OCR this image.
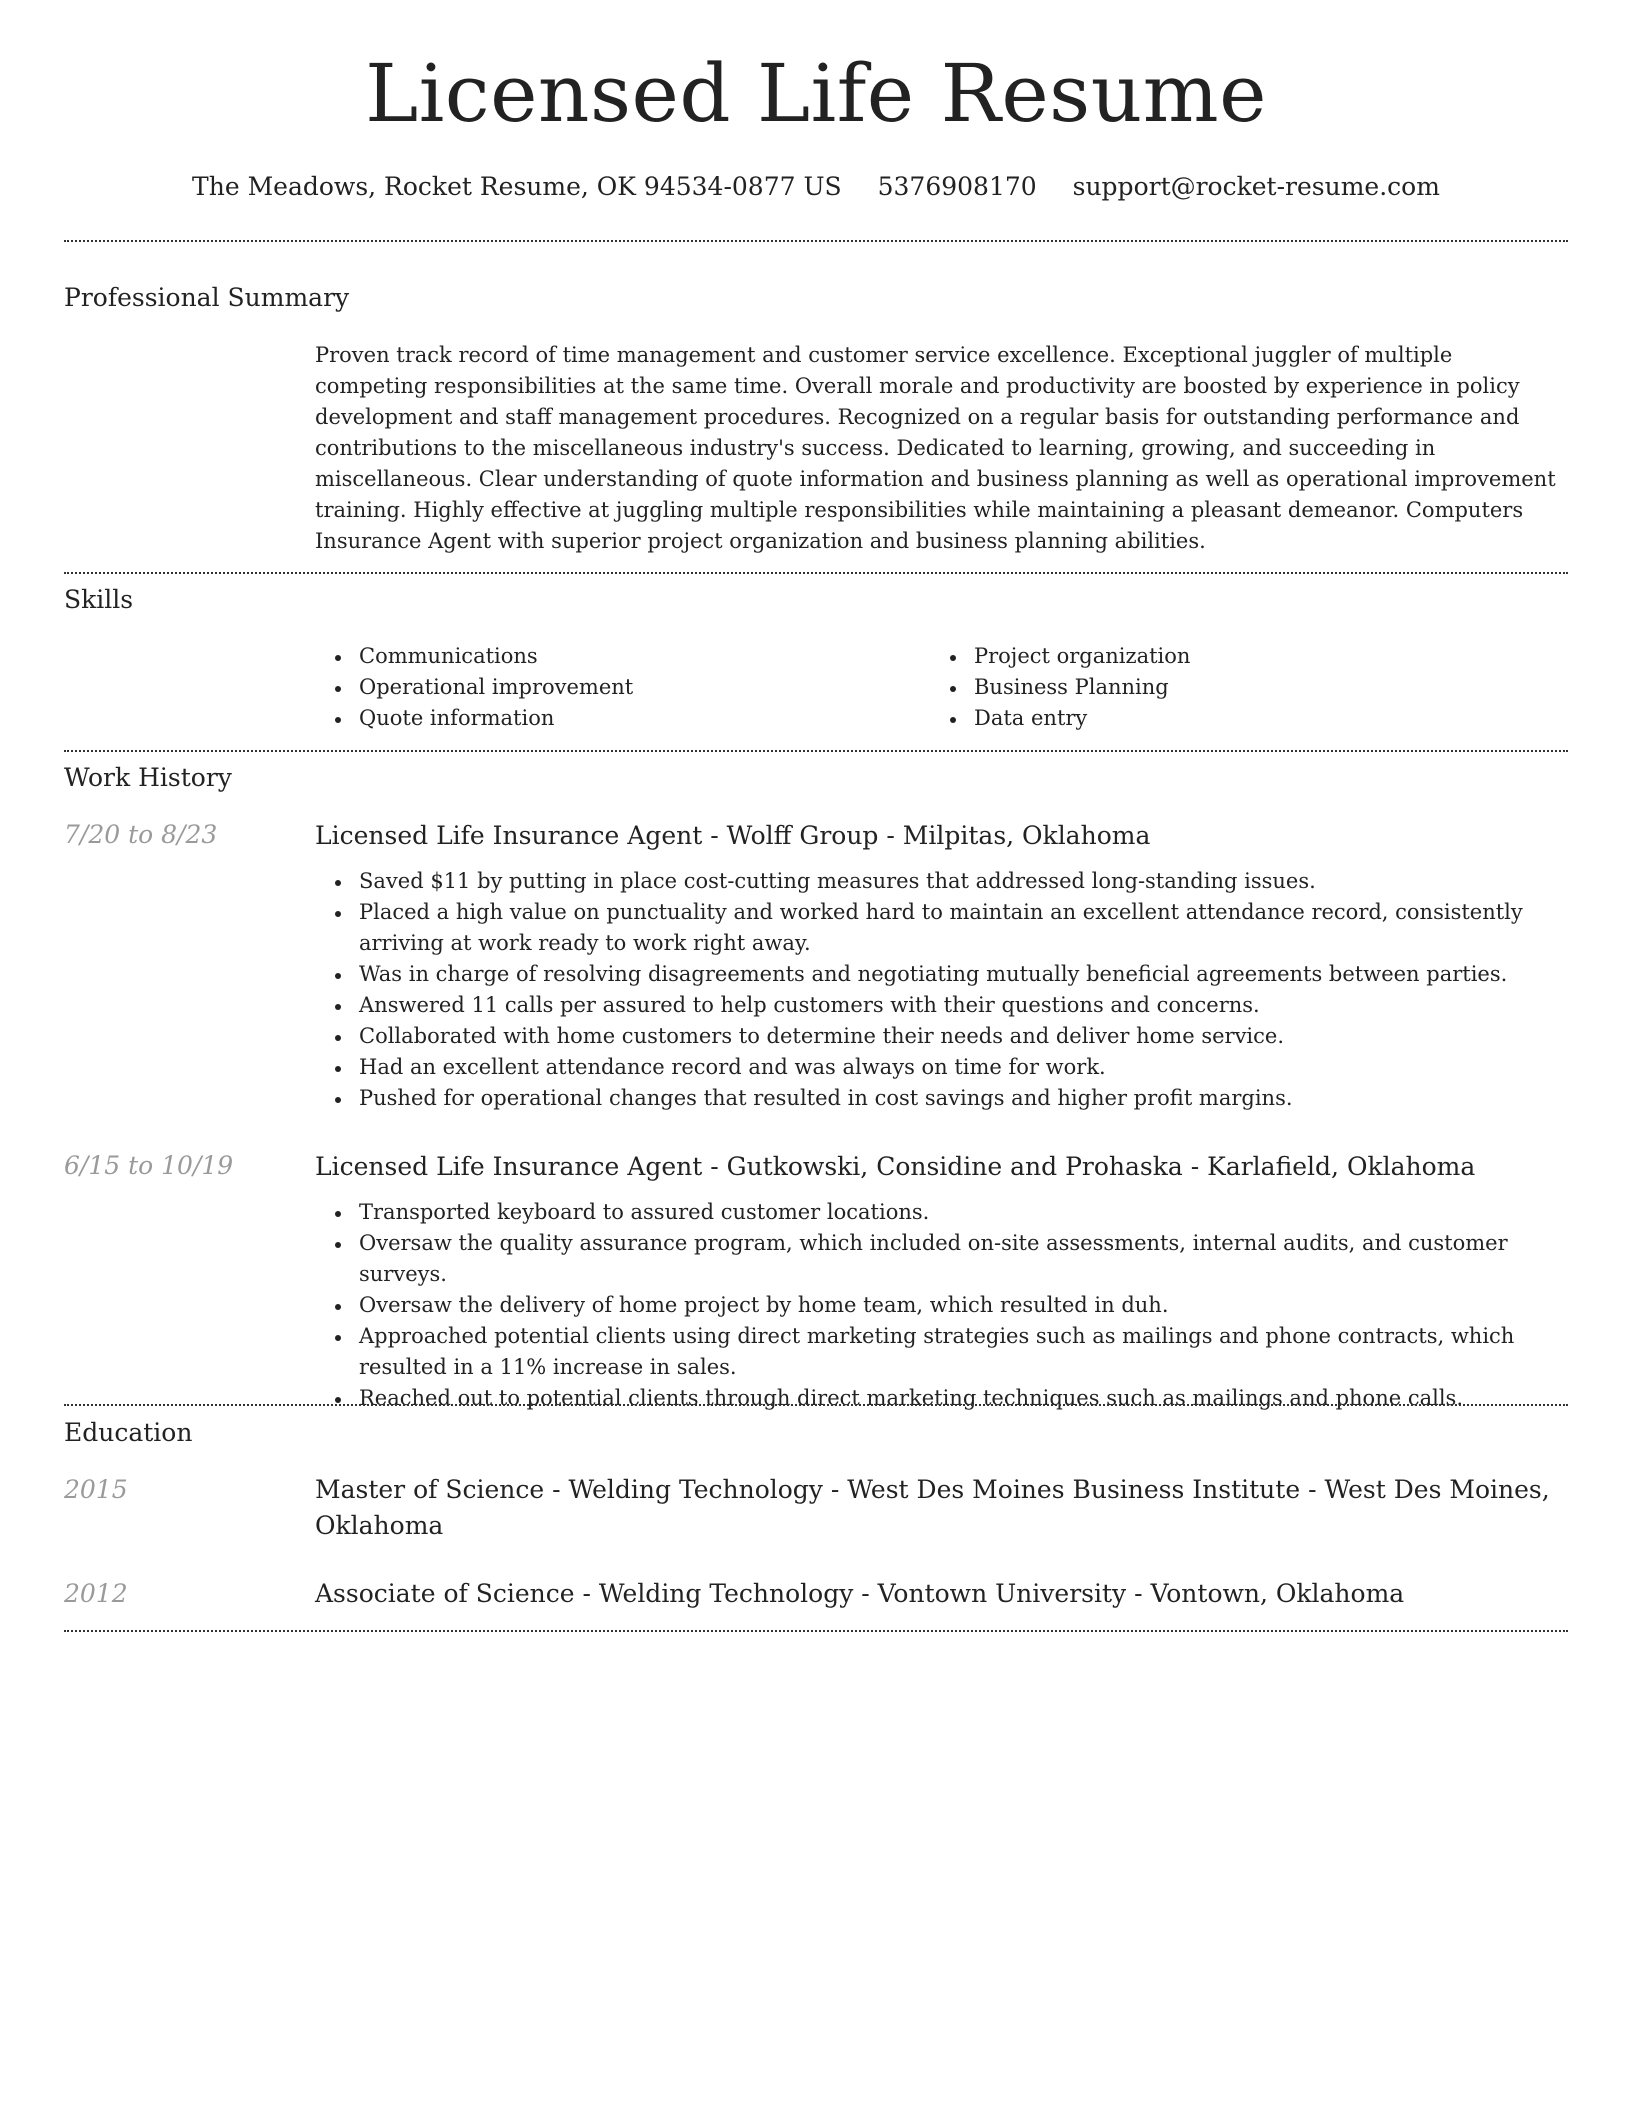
Licensed Life Resume
The Meadows, Rocket Resume, OK 94534-0877 US 5376908170 support@rocket-resume.com
Professional Summary

Proven track record of time management and customer service excellence. Exceptional juggler of multiple competing responsibilities at the same time. Overall morale and productivity are boosted by experience in policy development and staff management procedures. Recognized on a regular basis for outstanding performance and contributions to the miscellaneous industry's success. Dedicated to learning, growing, and succeeding in miscellaneous. Clear understanding of quote information and business planning as well as operational improvement training. Highly effective at juggling multiple responsibilities while maintaining a pleasant demeanor. Computers Insurance Agent with superior project organization and business planning abilities.

Skills
Communications	Project organization
Operational improvement	Business Planning
Quote information	Data entry
Work History
7/20 to 8/23	Licensed Life Insurance Agent - Wolff Group - Milpitas, Oklahoma
Saved $11 by putting in place cost-cutting measures that addressed long-standing issues.
Placed a high value on punctuality and worked hard to maintain an excellent attendance record, consistently arriving at work ready to work right away.
Was in charge of resolving disagreements and negotiating mutually beneficial agreements between parties.
Answered 11 calls per assured to help customers with their questions and concerns.
Collaborated with home customers to determine their needs and deliver home service.
Had an excellent attendance record and was always on time for work.
Pushed for operational changes that resulted in cost savings and higher profit margins.
6/15 to 10/19	Licensed Life Insurance Agent - Gutkowski, Considine and Prohaska - Karlafield, Oklahoma
Transported keyboard to assured customer locations.
Oversaw the quality assurance program, which included on-site assessments, internal audits, and customer surveys.
Oversaw the delivery of home project by home team, which resulted in duh.
Approached potential clients using direct marketing strategies such as mailings and phone contracts, which resulted in a 11% increase in sales.
Reached out to potential clients through direct marketing techniques such as mailings and phone calls.
Education
2015	Master of Science - Welding Technology - West Des Moines Business Institute - West Des Moines, Oklahoma
2012	Associate of Science - Welding Technology - Vontown University - Vontown, Oklahoma
